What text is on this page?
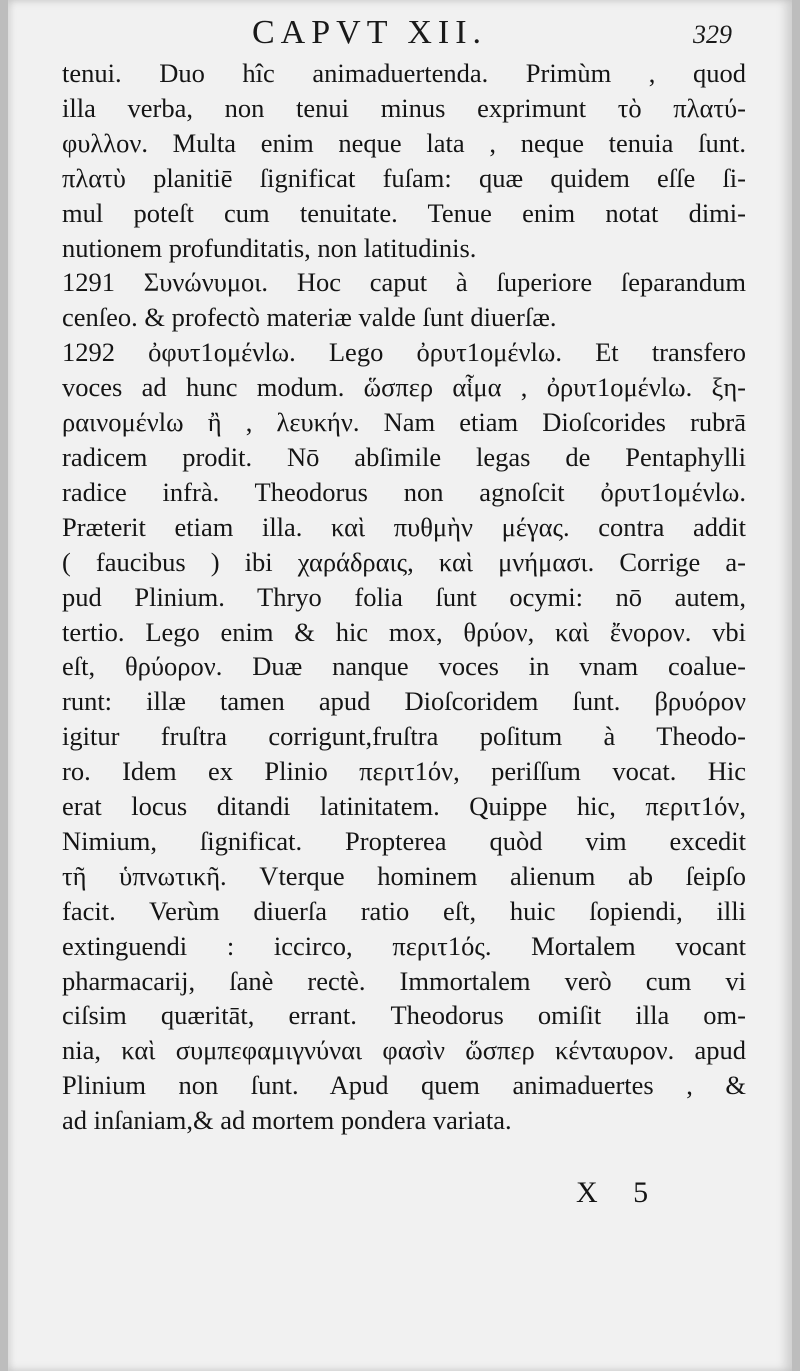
CAPVT XII.	329
tenui. Duo hîc animaduertenda. Primùm , quod
illa verba, non tenui minus exprimunt τὸ πλατύ-
φυλλον. Multa enim neque lata , neque tenuia ſunt.
πλατὺ planitiē ſignificat fuſam: quæ quidem eſſe ſi-
mul poteſt cum tenuitate. Tenue enim notat dimi-
nutionem profunditatis, non latitudinis.
1291 Συνώνυμοι. Hoc caput à ſuperiore ſeparandum
cenſeo. & profectò materiæ valde ſunt diuerſæ.
1292 ὀφυτ1ομένlω. Lego ὀρυτ1ομένlω. Et transfero
voces ad hunc modum. ὥσπερ αἷμα , ὀρυτ1ομένlω. ξη-
ραινομένlω ἢ , λευκήν. Nam etiam Dioſcorides rubrā
radicem prodit. Nō abſimile legas de Pentaphylli
radice infrà. Theodorus non agnoſcit ὀρυτ1ομένlω.
Præterit etiam illa. καὶ πυθμὴν μέγας. contra addit
( faucibus ) ibi χαράδραις, καὶ μνήμασι. Corrige a-
pud Plinium. Thryo folia ſunt ocymi: nō autem,
tertio. Lego enim & hic mox, θρύον, καὶ ἔνορον. vbi
eſt, θρύορον. Duæ nanque voces in vnam coalue-
runt: illæ tamen apud Dioſcoridem ſunt. βρυόρον
igitur fruſtra corrigunt,fruſtra poſitum à Theodo-
ro. Idem ex Plinio περιτ1όν, periſſum vocat. Hic
erat locus ditandi latinitatem. Quippe hic, περιτ1όν,
Nimium, ſignificat. Propterea quòd vim excedit
τῆ ὑπνωτικῆ. Vterque hominem alienum ab ſeipſo
facit. Verùm diuerſa ratio eſt, huic ſopiendi, illi
extinguendi : iccirco, περιτ1ός. Mortalem vocant
pharmacarij, ſanè rectè. Immortalem verò cum vi
ciſsim quæritāt, errant. Theodorus omiſit illa om-
nia, καὶ συμπεφαμιγνύναι φασὶν ὥσπερ κένταυρον. apud
Plinium non ſunt. Apud quem animaduertes , &
ad inſaniam,& ad mortem pondera variata.
X 5
